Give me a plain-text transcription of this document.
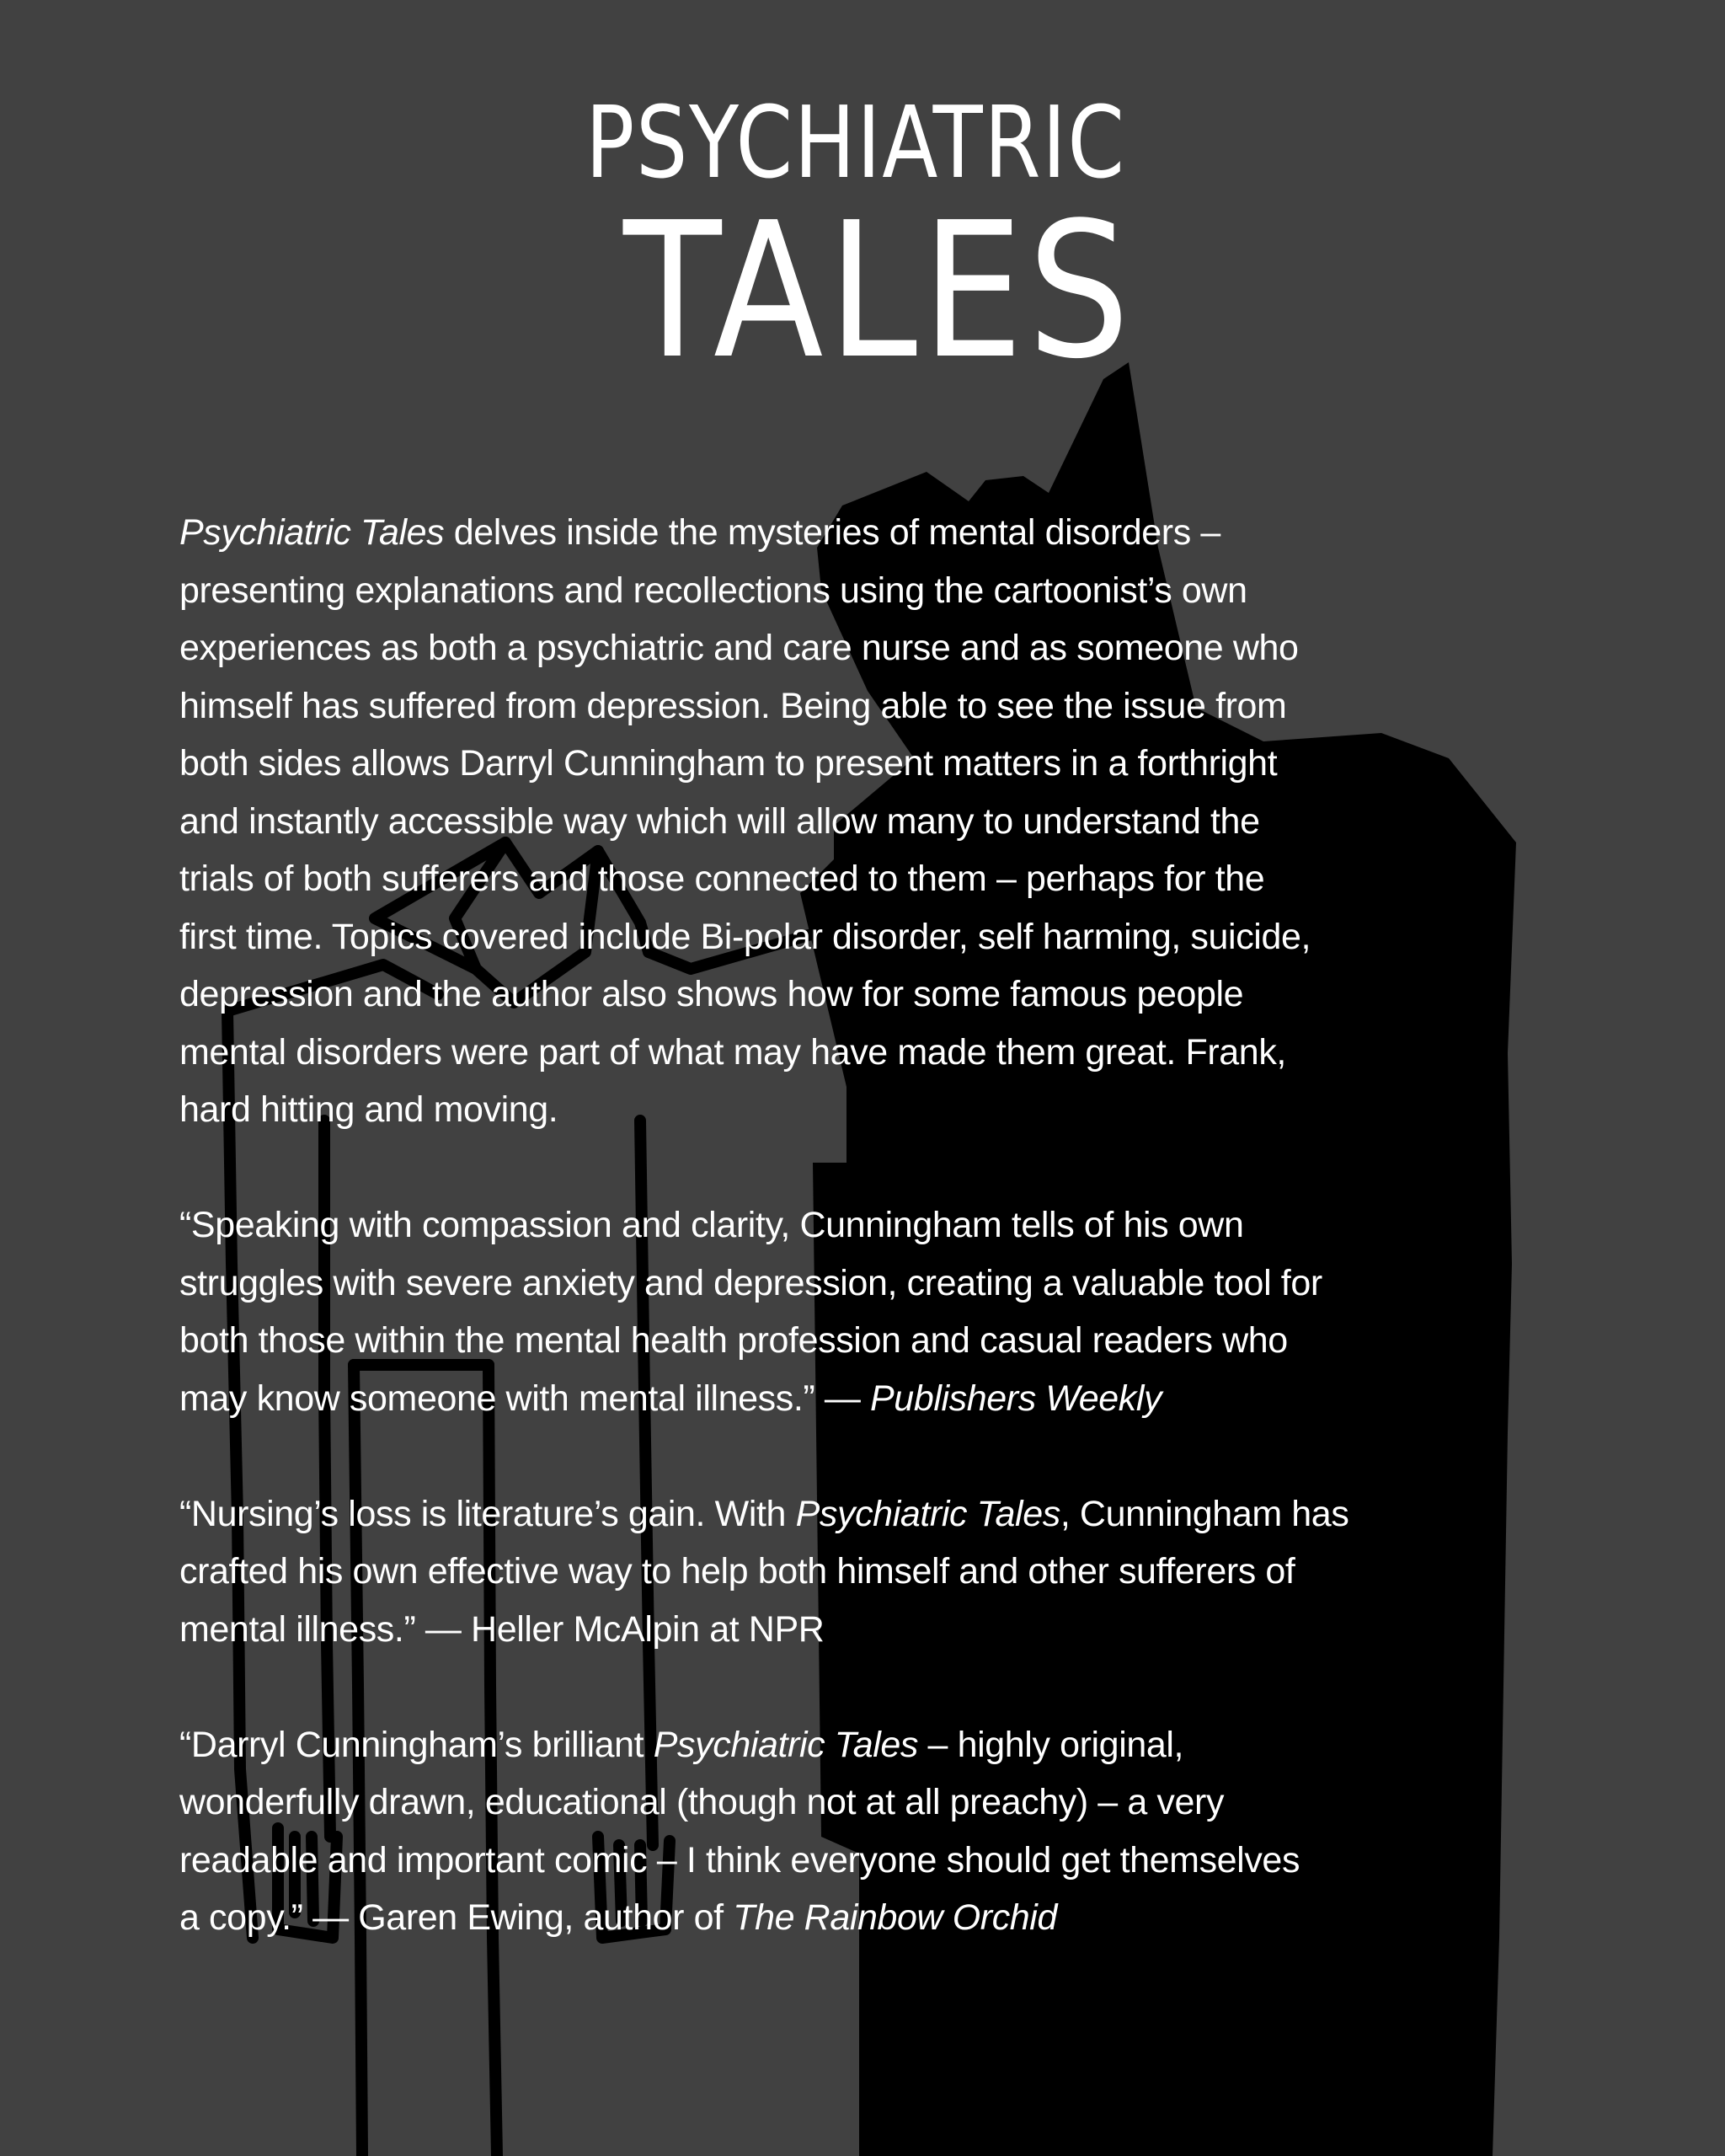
PSYCHIATRIC
TALES
Psychiatric Tales delves inside the mysteries of mental disorders –
presenting explanations and recollections using the cartoonist’s own
experiences as both a psychiatric and care nurse and as someone who
himself has suffered from depression. Being able to see the issue from
both sides allows Darryl Cunningham to present matters in a forthright
and instantly accessible way which will allow many to understand the
trials of both sufferers and those connected to them – perhaps for the
first time. Topics covered include Bi-polar disorder, self harming, suicide,
depression and the author also shows how for some famous people
mental disorders were part of what may have made them great. Frank,
hard hitting and moving.
“Speaking with compassion and clarity, Cunningham tells of his own
struggles with severe anxiety and depression, creating a valuable tool for
both those within the mental health profession and casual readers who
may know someone with mental illness.” — Publishers Weekly
“Nursing’s loss is literature’s gain. With Psychiatric Tales, Cunningham has
crafted his own effective way to help both himself and other sufferers of
mental illness.” — Heller McAlpin at NPR
“Darryl Cunningham’s brilliant Psychiatric Tales – highly original,
wonderfully drawn, educational (though not at all preachy) – a very
readable and important comic – I think everyone should get themselves
a copy.” — Garen Ewing, author of The Rainbow Orchid
